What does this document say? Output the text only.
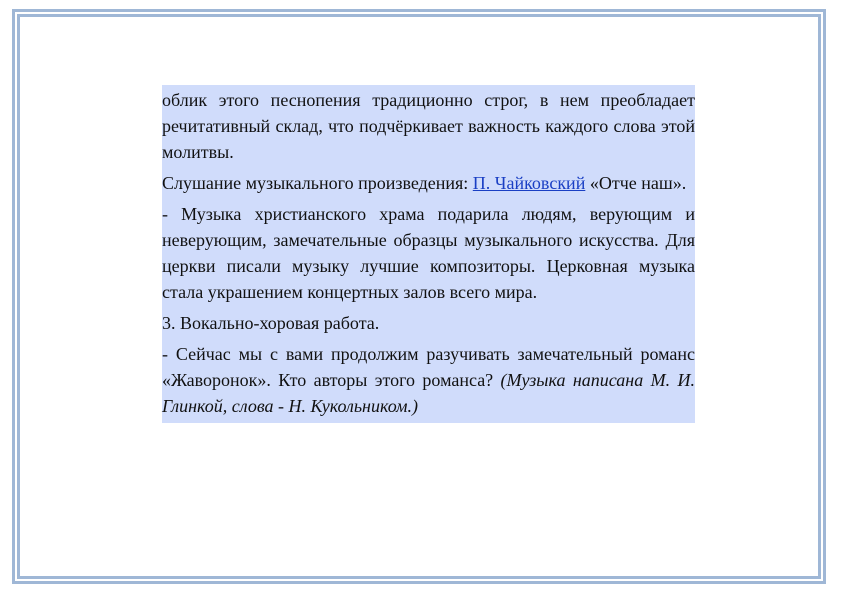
облик этого песнопения традиционно строг, в нем преобладает речитативный склад, что подчёркивает важность каждого слова этой молитвы.

Слушание музыкального произведения: П. Чайковский «Отче наш».

- Музыка христианского храма подарила людям, верующим и неверующим, замечательные образцы музыкального искусства. Для церкви писали музыку лучшие композиторы. Церковная музыка стала украшением концертных залов всего мира.

3. Вокально-хоровая работа.

- Сейчас мы с вами продолжим разучивать замечательный романс «Жаворонок». Кто авторы этого романса? (Музыка написана М. И. Глинкой, слова - Н. Кукольником.)
